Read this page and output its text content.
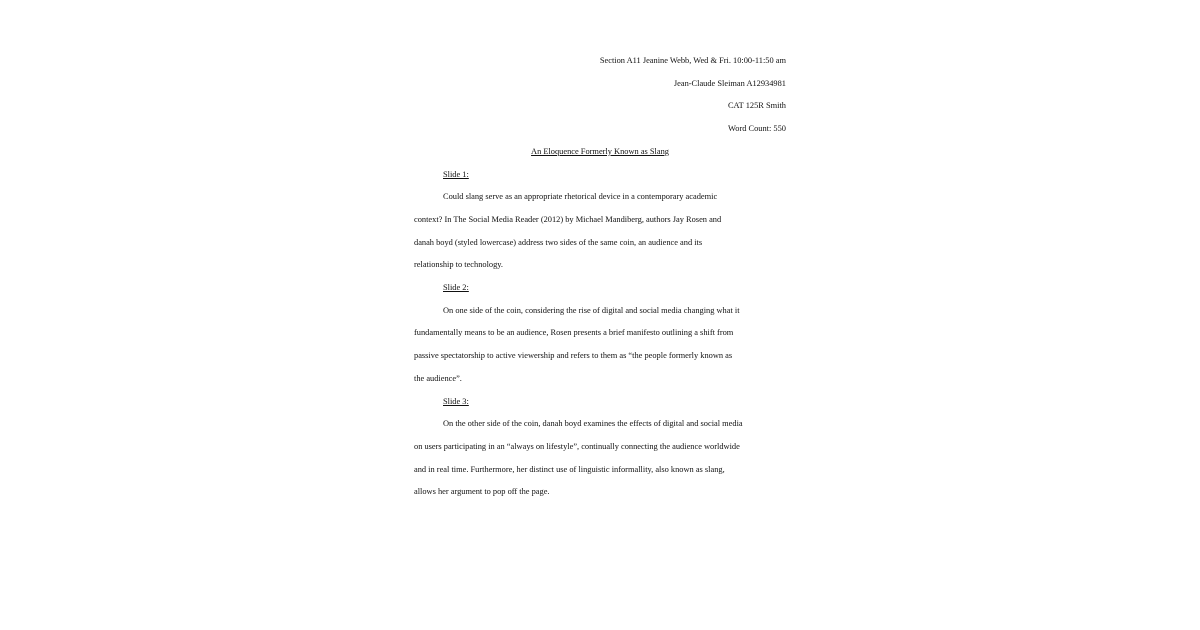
Section A11 Jeanine Webb, Wed & Fri. 10:00-11:50 am
Jean-Claude Sleiman A12934981
CAT 125R Smith
Word Count: 550
An Eloquence Formerly Known as Slang
Slide 1:
Could slang serve as an appropriate rhetorical device in a contemporary academic
context? In The Social Media Reader (2012) by Michael Mandiberg, authors Jay Rosen and
danah boyd (styled lowercase) address two sides of the same coin, an audience and its
relationship to technology.
Slide 2:
On one side of the coin, considering the rise of digital and social media changing what it
fundamentally means to be an audience, Rosen presents a brief manifesto outlining a shift from
passive spectatorship to active viewership and refers to them as “the people formerly known as
the audience”.
Slide 3:
On the other side of the coin, danah boyd examines the effects of digital and social media
on users participating in an “always on lifestyle”, continually connecting the audience worldwide
and in real time. Furthermore, her distinct use of linguistic informallity, also known as slang,
allows her argument to pop off the page.
